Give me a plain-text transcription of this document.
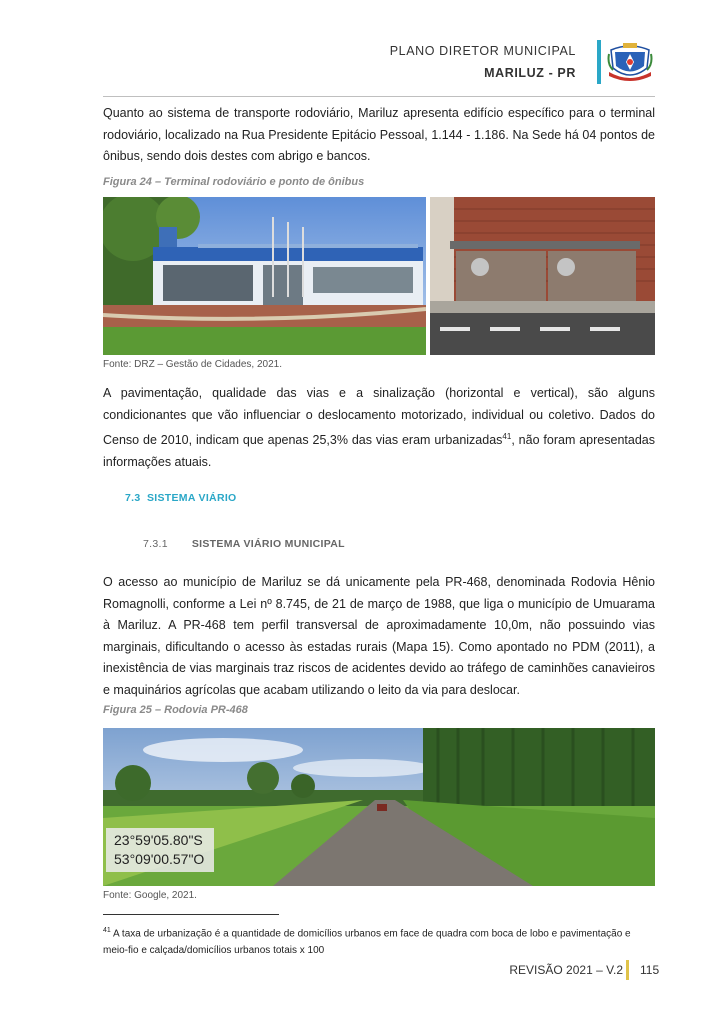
PLANO DIRETOR MUNICIPAL
MARILUZ - PR

Quanto ao sistema de transporte rodoviário, Mariluz apresenta edifício específico para o terminal rodoviário, localizado na Rua Presidente Epitácio Pessoal, 1.144 - 1.186. Na Sede há 04 pontos de ônibus, sendo dois destes com abrigo e bancos.

Figura 24 – Terminal rodoviário e ponto de ônibus
Fonte: DRZ – Gestão de Cidades, 2021.

A pavimentação, qualidade das vias e a sinalização (horizontal e vertical), são alguns condicionantes que vão influenciar o deslocamento motorizado, individual ou coletivo. Dados do Censo de 2010, indicam que apenas 25,3% das vias eram urbanizadas$^{41}$, não foram apresentadas informações atuais.

7.3 SISTEMA VIÁRIO
7.3.1 SISTEMA VIÁRIO MUNICIPAL

O acesso ao município de Mariluz se dá unicamente pela PR-468, denominada Rodovia Hênio Romagnolli, conforme a Lei nº 8.745, de 21 de março de 1988, que liga o município de Umuarama à Mariluz. A PR-468 tem perfil transversal de aproximadamente 10,0m, não possuindo vias marginais, dificultando o acesso às estadas rurais (Mapa 15). Como apontado no PDM (2011), a inexistência de vias marginais traz riscos de acidentes devido ao tráfego de caminhões canavieiros e maquinários agrícolas que acabam utilizando o leito da via para deslocar.

Figura 25 – Rodovia PR-468
23°59'05.80"S
53°09'00.57"O
Fonte: Google, 2021.

$^{41}$ A taxa de urbanização é a quantidade de domicílios urbanos em face de quadra com boca de lobo e pavimentação e meio-fio e calçada/domicílios urbanos totais x 100

REVISÃO 2021 – V.2 115
